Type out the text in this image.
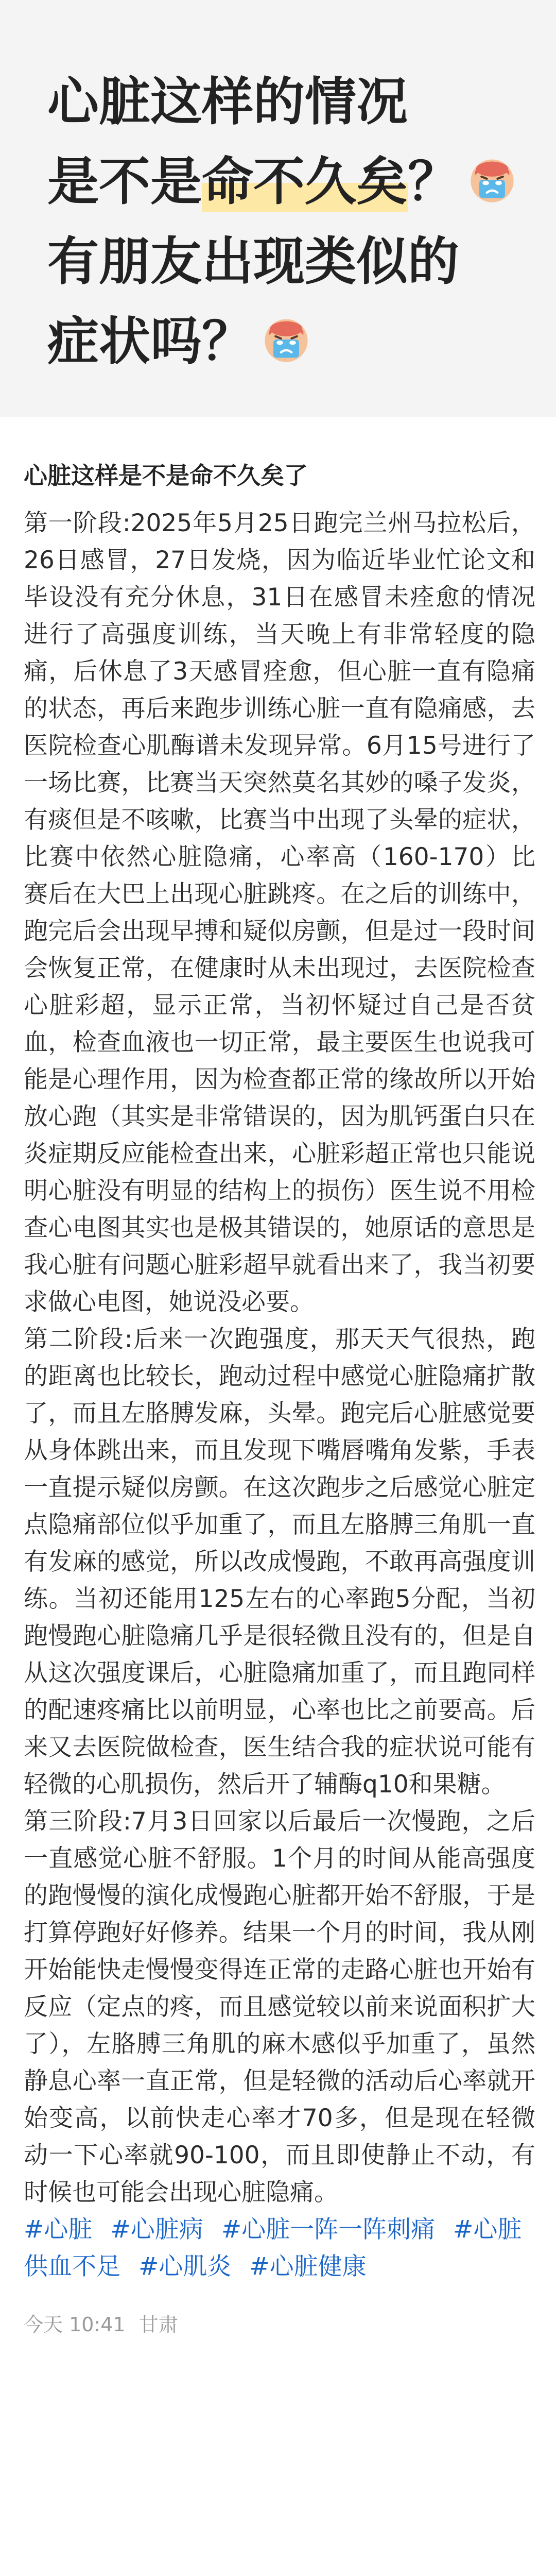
心脏这样的情况
是不是命不久矣？
有朋友出现类似的
症状吗？
心脏这样是不是命不久矣了

第一阶段:2025年5月25日跑完兰州马拉松后，26日感冒，27日发烧，因为临近毕业忙论文和毕设没有充分休息，31日在感冒未痊愈的情况进行了高强度训练，当天晚上有非常轻度的隐痛，后休息了3天感冒痊愈，但心脏一直有隐痛的状态，再后来跑步训练心脏一直有隐痛感，去医院检查心肌酶谱未发现异常。6月15号进行了一场比赛，比赛当天突然莫名其妙的嗓子发炎，有痰但是不咳嗽，比赛当中出现了头晕的症状，比赛中依然心脏隐痛，心率高（160-170）比赛后在大巴上出现心脏跳疼。在之后的训练中，跑完后会出现早搏和疑似房颤，但是过一段时间会恢复正常，在健康时从未出现过，去医院检查心脏彩超，显示正常，当初怀疑过自己是否贫血，检查血液也一切正常，最主要医生也说我可能是心理作用，因为检查都正常的缘故所以开始放心跑（其实是非常错误的，因为肌钙蛋白只在炎症期反应能检查出来，心脏彩超正常也只能说明心脏没有明显的结构上的损伤）医生说不用检查心电图其实也是极其错误的，她原话的意思是我心脏有问题心脏彩超早就看出来了，我当初要求做心电图，她说没必要。

第二阶段:后来一次跑强度，那天天气很热，跑的距离也比较长，跑动过程中感觉心脏隐痛扩散了，而且左胳膊发麻，头晕。跑完后心脏感觉要从身体跳出来，而且发现下嘴唇嘴角发紫，手表一直提示疑似房颤。在这次跑步之后感觉心脏定点隐痛部位似乎加重了，而且左胳膊三角肌一直有发麻的感觉，所以改成慢跑，不敢再高强度训练。当初还能用125左右的心率跑5分配，当初跑慢跑心脏隐痛几乎是很轻微且没有的，但是自从这次强度课后，心脏隐痛加重了，而且跑同样的配速疼痛比以前明显，心率也比之前要高。后来又去医院做检查，医生结合我的症状说可能有轻微的心肌损伤，然后开了辅酶q10和果糖。

第三阶段:7月3日回家以后最后一次慢跑，之后一直感觉心脏不舒服。1个月的时间从能高强度的跑慢慢的演化成慢跑心脏都开始不舒服，于是打算停跑好好修养。结果一个月的时间，我从刚开始能快走慢慢变得连正常的走路心脏也开始有反应（定点的疼，而且感觉较以前来说面积扩大了），左胳膊三角肌的麻木感似乎加重了，虽然静息心率一直正常，但是轻微的活动后心率就开始变高，以前快走心率才70多，但是现在轻微动一下心率就90-100，而且即使静止不动，有时候也可能会出现心脏隐痛。

#心脏 #心脏病 #心脏一阵一阵刺痛 #心脏供血不足 #心肌炎 #心脏健康
今天 10:41 甘肃
